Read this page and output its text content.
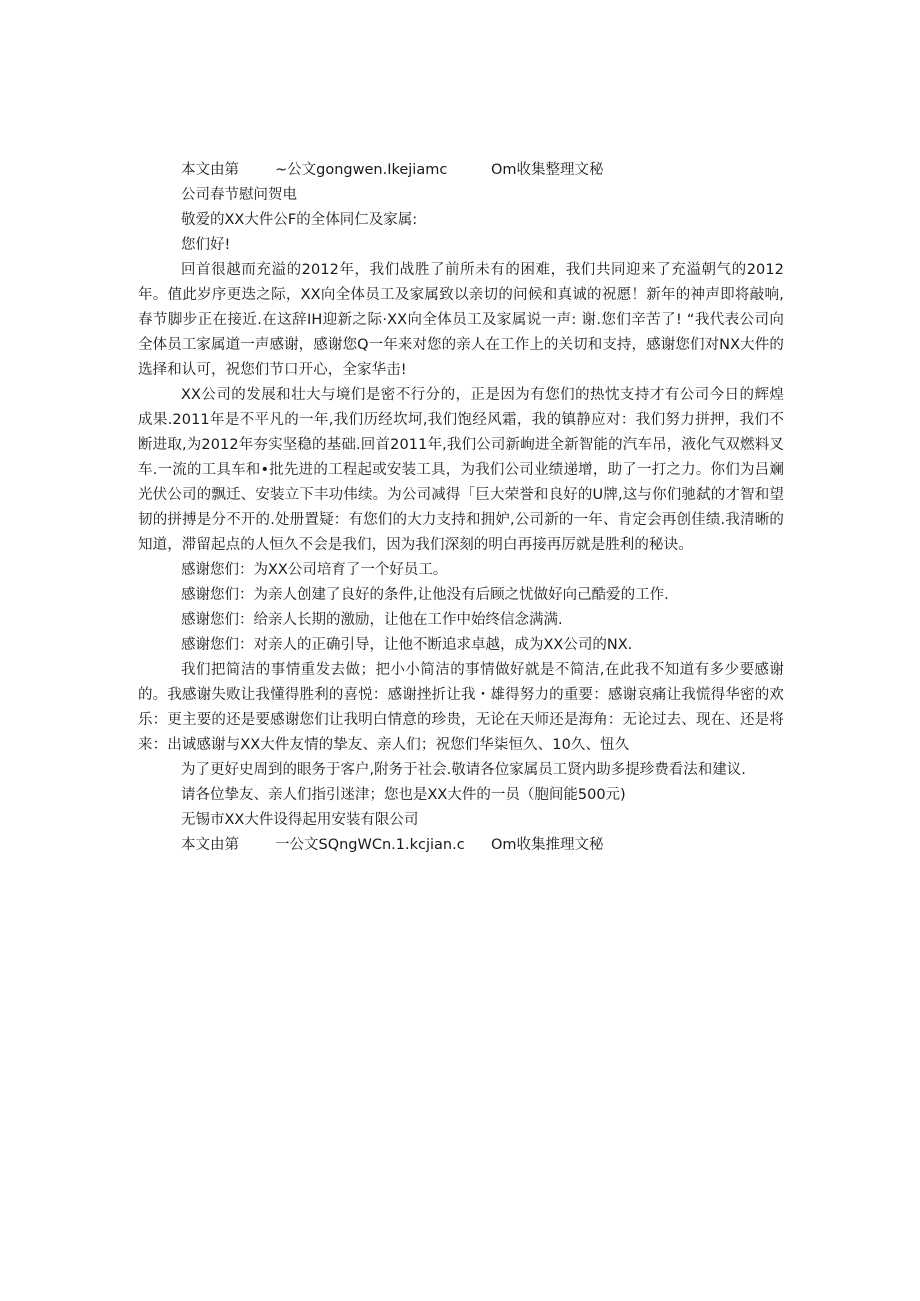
本文由第 ~公文gongwen.Ikejiamc	Om收集整理文秘

公司春节慰问贺电

敬爱的XX大件公F的全体同仁及家属:

您们好!

回首很越而充溢的2012年，我们战胜了前所未有的困难，我们共同迎来了充溢朝气的2012年。值此岁序更迭之际，XX向全体员工及家属致以亲切的问候和真诚的祝愿！新年的神声即将敲响,春节脚步正在接近.在这辞IH迎新之际·XX向全体员工及家属说一声: 谢.您们辛苦了! “我代表公司向全体员工家属道一声感谢，感谢您Q一年来对您的亲人在工作上的关切和支持，感谢您们对NX大件的选择和认可，祝您们节口开心，全家华击!

XX公司的发展和壮大与境们是密不行分的，正是因为有您们的热忱支持才有公司今日的辉煌成果.2011年是不平凡的一年,我们历经坎坷,我们饱经风霜，我的镇静应对：我们努力拼押，我们不断进取,为2012年夯实坚稳的基础.回首2011年,我们公司新峋进全新智能的汽车吊，液化气双燃料叉车.一流的工具车和•批先进的工程起或安装工具，为我们公司业绩递增，助了一打之力。你们为吕斓光伏公司的飘迁、安装立下丰功伟续。为公司减得「巨大荣誉和良好的U牌,这与你们驰弑的才智和望韧的拼搏是分不开的.处册置疑：有您们的大力支持和拥妒,公司新的一年、肯定会再创佳绩.我清晰的知道，滞留起点的人恒久不会是我们，因为我们深刻的明白再接再厉就是胜利的秘诀。

感谢您们：为XX公司培育了一个好员工。

感谢您们：为亲人创建了良好的条件,让他没有后顾之忧做好向己酷爱的工作.

感谢您们：给亲人长期的激励，让他在工作中始终信念满满.

感谢您们：对亲人的正确引导，让他不断追求卓越，成为XX公司的NX.

我们把简洁的事情重发去做；把小小简洁的事情做好就是不简洁,在此我不知道有多少要感谢的。我感谢失败让我懂得胜利的喜悦：感谢挫折让我・雄得努力的重要：感谢哀痛让我慌得华密的欢乐：更主要的还是要感谢您们让我明白情意的珍贵，无论在天师还是海角：无论过去、现在、还是将来：出诚感谢与XX大件友情的挚友、亲人们；祝您们华柒恒久、10久、忸久

为了更好史周到的眼务于客户,附务于社会.敬请各位家属员工贤内助多提珍费看法和建议.

请各位挚友、亲人们指引迷津；您也是XX大件的一员（胞间能500元)

无锡市XX大件设得起用安装有限公司

本文由第 一公文SQngWCn.1.kcjian.c Om收集推理文秘
